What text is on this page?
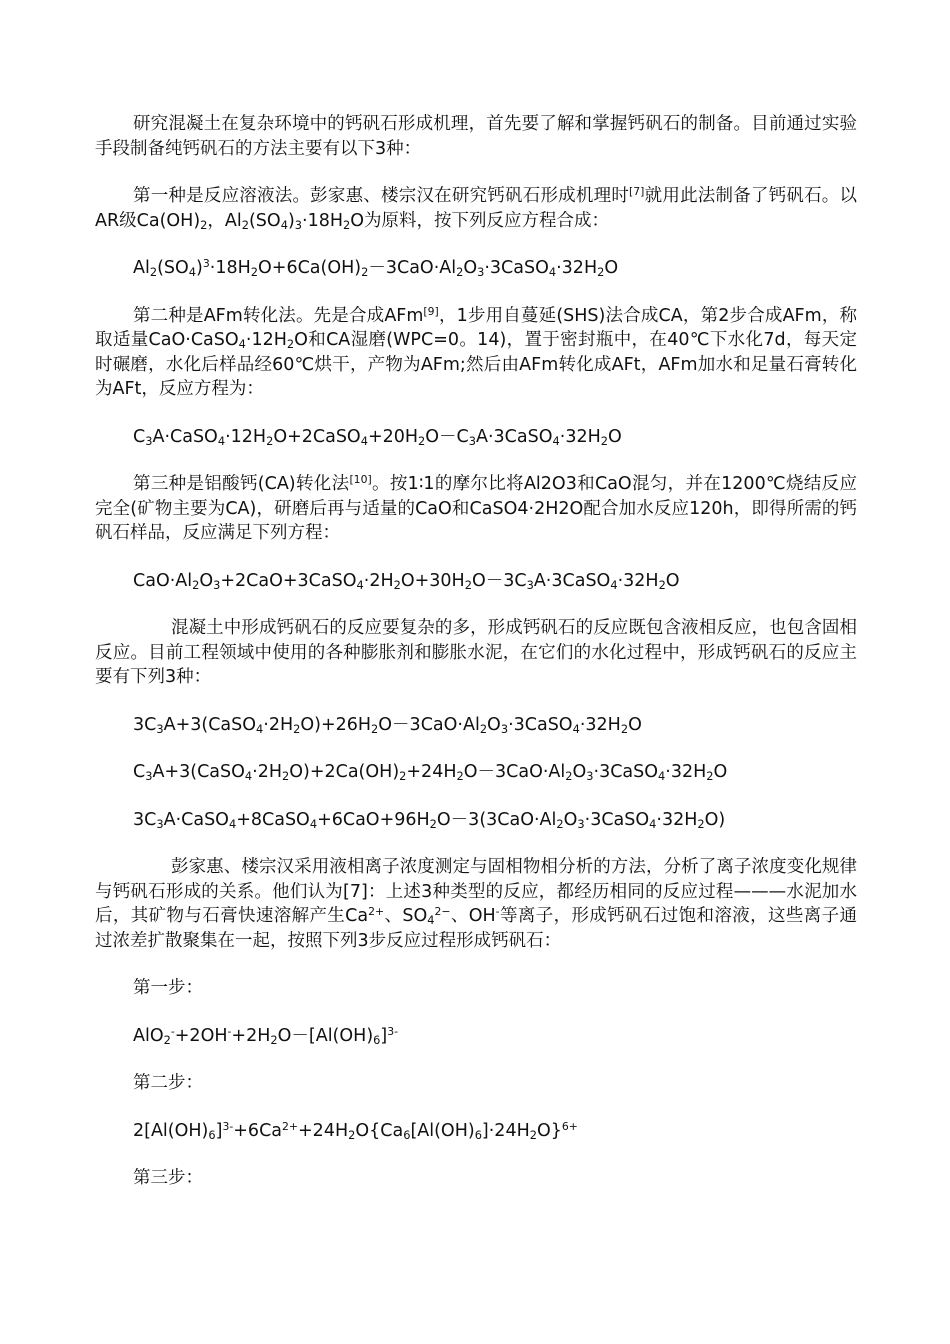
研究混凝土在复杂环境中的钙矾石形成机理，首先要了解和掌握钙矾石的制备。目前通过实验手段制备纯钙矾石的方法主要有以下3种：

第一种是反应溶液法。彭家惠、楼宗汉在研究钙矾石形成机理时[7]就用此法制备了钙矾石。以AR级$Ca(OH)_2$，$Al_2(SO_4)_3\cdot 18H_2O$为原料，按下列反应方程合成：

$Al_2(SO_4)^3\cdot 18H_2O+6Ca(OH)_2-3CaO\cdot Al_2O_3\cdot 3CaSO_4\cdot 32H_2O$

第二种是AFm转化法。先是合成AFm[9]，1步用自蔓延(SHS)法合成CA，第2步合成AFm，称取适量$CaO\cdot CaSO_4\cdot 12H_2O$和CA湿磨(WPC=0。14)，置于密封瓶中，在40℃下水化7d，每天定时碾磨，水化后样品经60℃烘干，产物为AFm;然后由AFm转化成AFt，AFm加水和足量石膏转化为AFt，反应方程为：

$C_3A\cdot CaSO_4\cdot 12H_2O+2CaSO_4+20H_2O-C_3A\cdot 3CaSO_4\cdot 32H_2O$

第三种是铝酸钙(CA)转化法[10]。按1∶1的摩尔比将Al2O3和CaO混匀，并在1200℃烧结反应完全(矿物主要为CA)，研磨后再与适量的CaO和CaSO4·2H2O配合加水反应120h，即得所需的钙矾石样品，反应满足下列方程：

$CaO\cdot Al_2O_3+2CaO+3CaSO_4\cdot 2H_2O+30H_2O-3C_3A\cdot 3CaSO_4\cdot 32H_2O$

混凝土中形成钙矾石的反应要复杂的多，形成钙矾石的反应既包含液相反应，也包含固相反应。目前工程领域中使用的各种膨胀剂和膨胀水泥，在它们的水化过程中，形成钙矾石的反应主要有下列3种：

$3C_3A+3(CaSO_4\cdot 2H_2O)+26H_2O-3CaO\cdot Al_2O_3\cdot 3CaSO_4\cdot 32H_2O$

$C_3A+3(CaSO_4\cdot 2H_2O)+2Ca(OH)_2+24H_2O-3CaO\cdot Al_2O_3\cdot 3CaSO_4\cdot 32H_2O$

$3C_3A\cdot CaSO_4+8CaSO_4+6CaO+96H_2O-3(3CaO\cdot Al_2O_3\cdot 3CaSO_4\cdot 32H_2O)$

彭家惠、楼宗汉采用液相离子浓度测定与固相物相分析的方法，分析了离子浓度变化规律与钙矾石形成的关系。他们认为[7]：上述3种类型的反应，都经历相同的反应过程———水泥加水后，其矿物与石膏快速溶解产生$Ca^{2+}$、$SO_4^{2-}$、OH-等离子，形成钙矾石过饱和溶液，这些离子通过浓差扩散聚集在一起，按照下列3步反应过程形成钙矾石：

第一步：

$AlO_2^-+2OH^-+2H_2O-[Al(OH)_6]^{3-}$

第二步：

$2[Al(OH)_6]^{3-}+6Ca^{2+}+24H_2O\{Ca_6[Al(OH)_6]\cdot 24H_2O\}^{6+}$

第三步：
